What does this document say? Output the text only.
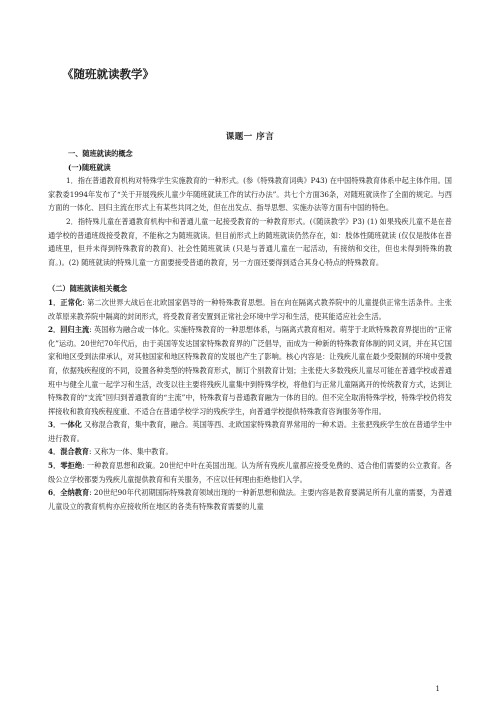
《随班就读教学》
课题一 序言
一、随班就读的概念
(一)随班就读

1．指在普通教育机构对特殊学生实施教育的一种形式。(参《特殊教育词典》P43) 在中国特殊教育体系中起主体作用。国家教委1994年发布了“关于开展残疾儿童少年随班就读工作的试行办法”。共七个方面36条，对随班就读作了全面的规定。与西方面的一体化、回归主流在形式上有某些共同之处，但在出发点、指导思想、实施办法等方面有中国的特色。

2．指特殊儿童在普通教育机构中和普通儿童一起接受教育的一种教育形式。(《随读教学》P3) (1) 如果残疾儿童不是在普通学校的普通班级接受教育，不能称之为随班就读。但目前形式上的随班就读仍然存在，如：肢体性随班就读 (仅仅是肢体在普通班里，但并未得到特殊教育的教育)、社会性随班就读 (只是与普通儿童在一起活动，有接纳和交往，但也未得到特殊的教育。)。(2) 随班就读的特殊儿童一方面要接受普通的教育，另一方面还要得到适合其身心特点的特殊教育。

（二）随班就读相关概念

1．正常化: 第二次世界大战后在北欧国家倡导的一种特殊教育思想。旨在向在隔离式教养院中的儿童提供正常生活条件。主张改革原来教养院中隔离的封闭形式，将受教育者安置到正常社会环境中学习和生活，使其能适应社会生活。

2．回归主流: 英国称为融合或一体化。实施特殊教育的一种思想体系，与隔离式教育相对。萌芽于北欧特殊教育界提出的“正常化”运动。20世纪70年代后，由于美国等发达国家特殊教育界的广泛倡导，而成为一种新的特殊教育体制的同义词，并在其它国家和地区受到法律承认，对其他国家和地区特殊教育的发展也产生了影响。核心内容是：让残疾儿童在最少受限制的环境中受教育，依据残疾程度的不同，设置各种类型的特殊教育形式，制订个别教育计划；主张使大多数残疾儿童尽可能在普通学校或普通班中与健全儿童一起学习和生活，改变以往主要将残疾儿童集中到特殊学校，将他们与正常儿童隔离开的传统教育方式，达到让特殊教育的“支流”回归到普通教育的“主流”中，特殊教育与普通教育融为一体的目的。但不完全取消特殊学校，特殊学校仍将发挥接收和教育残疾程度重、不适合在普通学校学习的残疾学生，向普通学校提供特殊教育咨询服务等作用。

3．一体化 又称混合教育，集中教育，融合。英国等西、北欧国家特殊教育界常用的一种术语。主张把残疾学生放在普通学生中进行教育。

4．混合教育: 又称为一体、集中教育。

5．零拒绝: 一种教育思想和政策。20世纪中叶在美国出现。认为所有残疾儿童都应接受免费的、适合他们需要的公立教育。各级公立学校都要为残疾儿童提供教育和有关服务，不应以任何理由拒绝他们入学。

6．全纳教育: 20世纪90年代初期国际特殊教育领域出现的一种新思想和做法。主要内容是教育要满足所有儿童的需要，为普通儿童设立的教育机构亦应接收所在地区的各类有特殊教育需要的儿童

1
